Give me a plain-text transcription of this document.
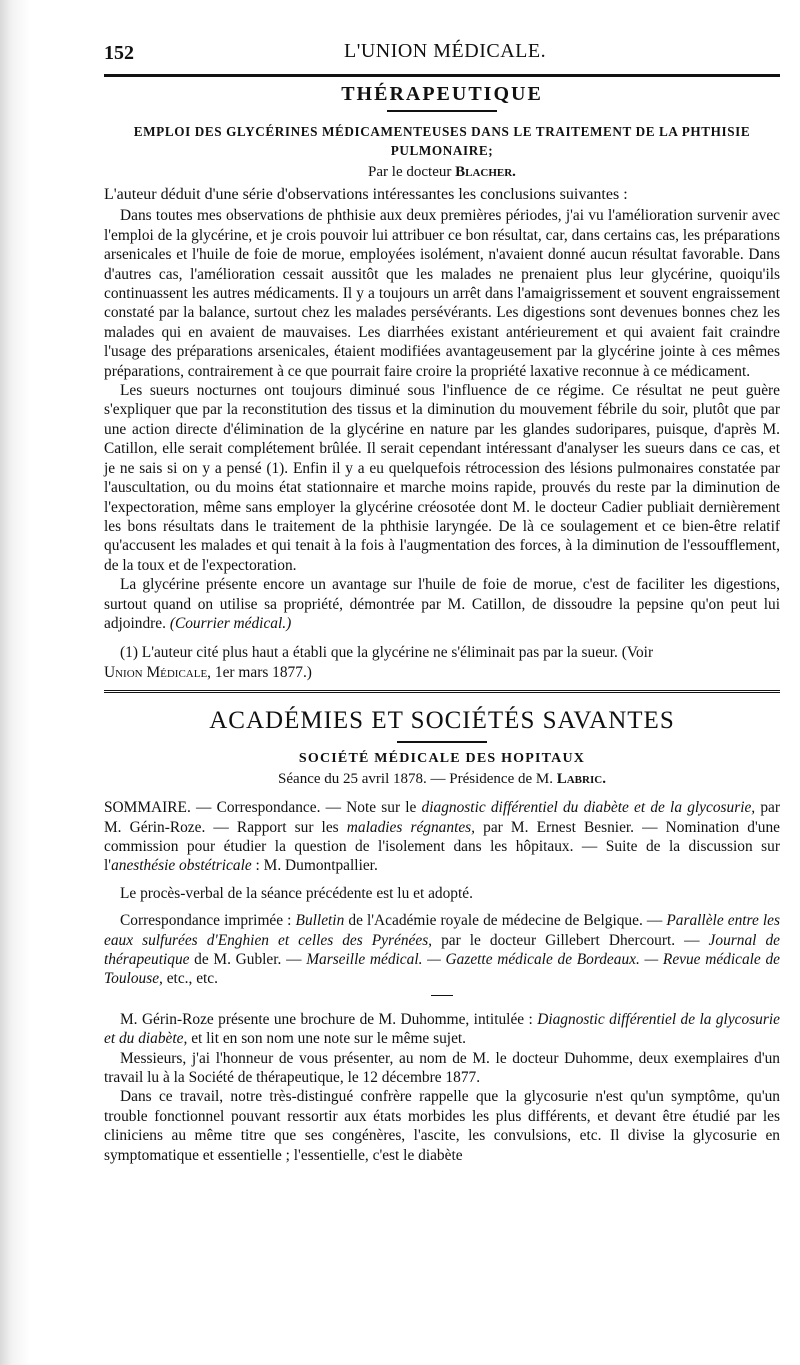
152	L'UNION MÉDICALE.
THÉRAPEUTIQUE
EMPLOI DES GLYCÉRINES MÉDICAMENTEUSES DANS LE TRAITEMENT DE LA PHTHISIE
PULMONAIRE;
Par le docteur Blacher.

L'auteur déduit d'une série d'observations intéressantes les conclusions suivantes :

Dans toutes mes observations de phthisie aux deux premières périodes, j'ai vu l'amélioration survenir avec l'emploi de la glycérine, et je crois pouvoir lui attribuer ce bon résultat, car, dans certains cas, les préparations arsenicales et l'huile de foie de morue, employées isolément, n'avaient donné aucun résultat favorable. Dans d'autres cas, l'amélioration cessait aussitôt que les malades ne prenaient plus leur glycérine, quoiqu'ils continuassent les autres médicaments. Il y a toujours un arrêt dans l'amaigrissement et souvent engraissement constaté par la balance, surtout chez les malades persévérants. Les digestions sont devenues bonnes chez les malades qui en avaient de mauvaises. Les diarrhées existant antérieurement et qui avaient fait craindre l'usage des préparations arsenicales, étaient modifiées avantageusement par la glycérine jointe à ces mêmes préparations, contrairement à ce que pourrait faire croire la propriété laxative reconnue à ce médicament.

Les sueurs nocturnes ont toujours diminué sous l'influence de ce régime. Ce résultat ne peut guère s'expliquer que par la reconstitution des tissus et la diminution du mouvement fébrile du soir, plutôt que par une action directe d'élimination de la glycérine en nature par les glandes sudoripares, puisque, d'après M. Catillon, elle serait complétement brûlée. Il serait cependant intéressant d'analyser les sueurs dans ce cas, et je ne sais si on y a pensé (1). Enfin il y a eu quelquefois rétrocession des lésions pulmonaires constatée par l'auscultation, ou du moins état stationnaire et marche moins rapide, prouvés du reste par la diminution de l'expectoration, même sans employer la glycérine créosotée dont M. le docteur Cadier publiait dernièrement les bons résultats dans le traitement de la phthisie laryngée. De là ce soulagement et ce bien-être relatif qu'accusent les malades et qui tenait à la fois à l'augmentation des forces, à la diminution de l'essoufflement, de la toux et de l'expectoration.

La glycérine présente encore un avantage sur l'huile de foie de morue, c'est de faciliter les digestions, surtout quand on utilise sa propriété, démontrée par M. Catillon, de dissoudre la pepsine qu'on peut lui adjoindre. (Courrier médical.)

(1) L'auteur cité plus haut a établi que la glycérine ne s'éliminait pas par la sueur. (Voir
Union Médicale, 1er mars 1877.)

ACADÉMIES ET SOCIÉTÉS SAVANTES
SOCIÉTÉ MÉDICALE DES HOPITAUX
Séance du 25 avril 1878. — Présidence de M. Labric.

SOMMAIRE. — Correspondance. — Note sur le diagnostic différentiel du diabète et de la glycosurie, par M. Gérin-Roze. — Rapport sur les maladies régnantes, par M. Ernest Besnier. — Nomination d'une commission pour étudier la question de l'isolement dans les hôpitaux. — Suite de la discussion sur l'anesthésie obstétricale : M. Dumontpallier.

Le procès-verbal de la séance précédente est lu et adopté.

Correspondance imprimée : Bulletin de l'Académie royale de médecine de Belgique. — Parallèle entre les eaux sulfurées d'Enghien et celles des Pyrénées, par le docteur Gillebert Dhercourt. — Journal de thérapeutique de M. Gubler. — Marseille médical. — Gazette médicale de Bordeaux. — Revue médicale de Toulouse, etc., etc.

M. Gérin-Roze présente une brochure de M. Duhomme, intitulée : Diagnostic différentiel de la glycosurie et du diabète, et lit en son nom une note sur le même sujet.

Messieurs, j'ai l'honneur de vous présenter, au nom de M. le docteur Duhomme, deux exemplaires d'un travail lu à la Société de thérapeutique, le 12 décembre 1877.

Dans ce travail, notre très-distingué confrère rappelle que la glycosurie n'est qu'un symptôme, qu'un trouble fonctionnel pouvant ressortir aux états morbides les plus différents, et devant être étudié par les cliniciens au même titre que ses congénères, l'ascite, les convulsions, etc. Il divise la glycosurie en symptomatique et essentielle ; l'essentielle, c'est le diabète
